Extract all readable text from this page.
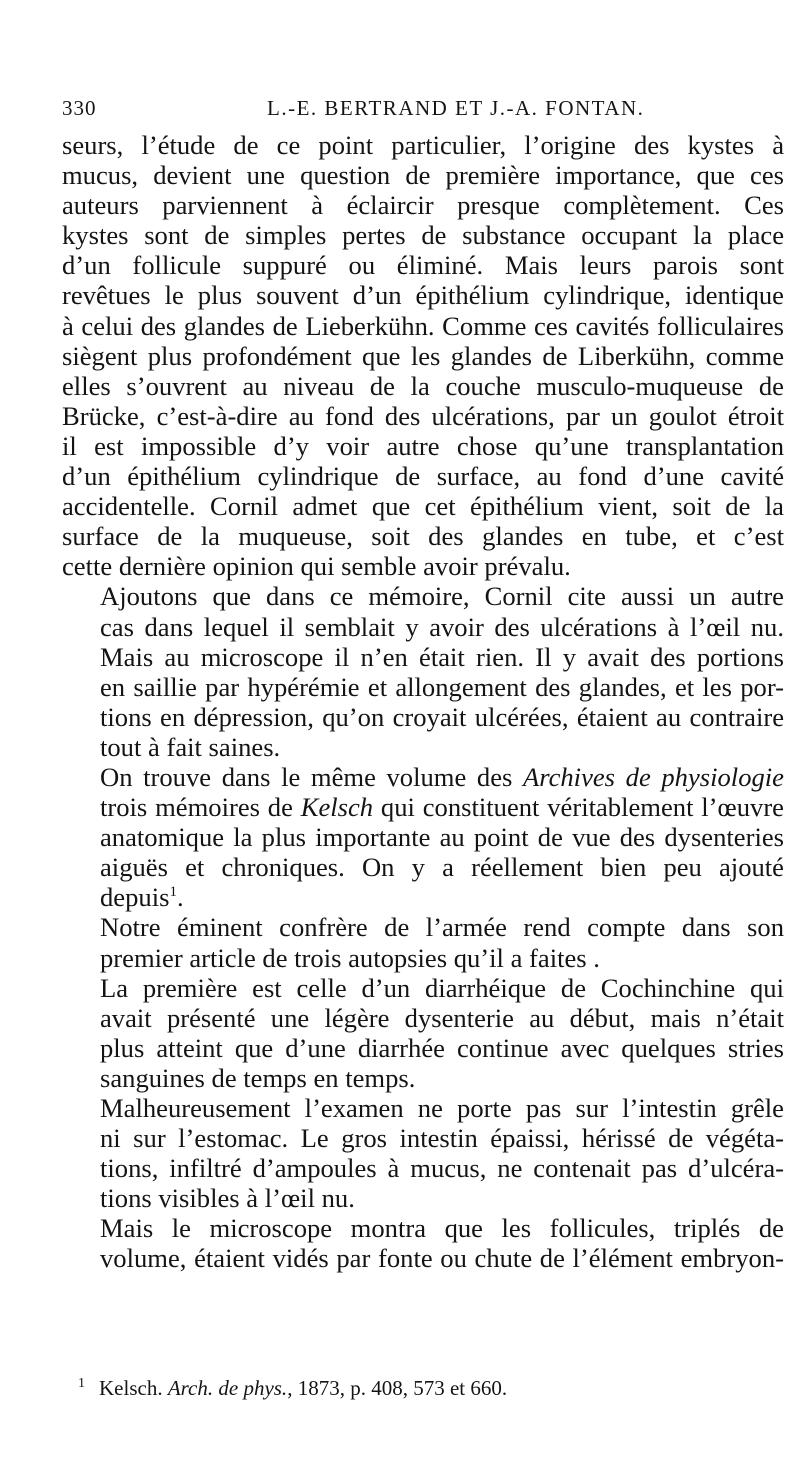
330	L.-E. BERTRAND ET J.-A. FONTAN.

seurs, l’étude de ce point particulier, l’origine des kystes à
mucus, devient une question de première importance, que ces
auteurs parviennent à éclaircir presque complètement. Ces
kystes sont de simples pertes de substance occupant la place
d’un follicule suppuré ou éliminé. Mais leurs parois sont
revêtues le plus souvent d’un épithélium cylindrique, identique
à celui des glandes de Lieberkühn. Comme ces cavités folliculaires
siègent plus profondément que les glandes de Liberkühn, comme
elles s’ouvrent au niveau de la couche musculo-muqueuse de
Brücke, c’est-à-dire au fond des ulcérations, par un goulot étroit
il est impossible d’y voir autre chose qu’une transplantation
d’un épithélium cylindrique de surface, au fond d’une cavité
accidentelle. Cornil admet que cet épithélium vient, soit de la
surface de la muqueuse, soit des glandes en tube, et c’est
cette dernière opinion qui semble avoir prévalu.

Ajoutons que dans ce mémoire, Cornil cite aussi un autre
cas dans lequel il semblait y avoir des ulcérations à l’œil nu.
Mais au microscope il n’en était rien. Il y avait des portions
en saillie par hypérémie et allongement des glandes, et les por-
tions en dépression, qu’on croyait ulcérées, étaient au contraire
tout à fait saines.

On trouve dans le même volume des Archives de physiologie
trois mémoires de Kelsch qui constituent véritablement l’œuvre
anatomique la plus importante au point de vue des dysenteries
aiguës et chroniques. On y a réellement bien peu ajouté
depuis$^1$.

Notre éminent confrère de l’armée rend compte dans son
premier article de trois autopsies qu’il a faites .

La première est celle d’un diarrhéique de Cochinchine qui
avait présenté une légère dysenterie au début, mais n’était
plus atteint que d’une diarrhée continue avec quelques stries
sanguines de temps en temps.

Malheureusement l’examen ne porte pas sur l’intestin grêle
ni sur l’estomac. Le gros intestin épaissi, hérissé de végéta-
tions, infiltré d’ampoules à mucus, ne contenait pas d’ulcéra-
tions visibles à l’œil nu.

Mais le microscope montra que les follicules, triplés de
volume, étaient vidés par fonte ou chute de l’élément embryon-

$^1$ Kelsch. Arch. de phys., 1873, p. 408, 573 et 660.
